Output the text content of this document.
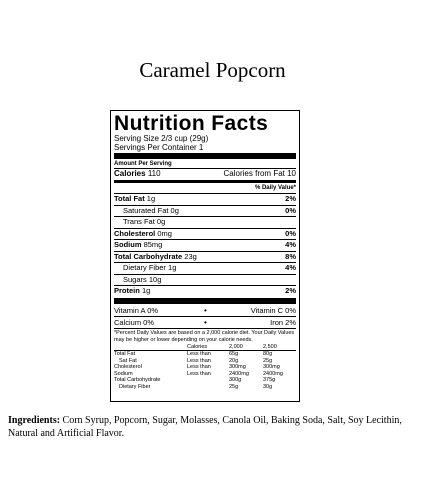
Caramel Popcorn
Nutrition Facts
Serving Size 2/3 cup (29g)
Servings Per Container 1
Amount Per Serving
Calories 110	Calories from Fat 10
% Daily Value*
Total Fat 1g	2%
Saturated Fat 0g	0%
Trans Fat 0g
Cholesterol 0mg	0%
Sodium 85mg	4%
Total Carbohydrate 23g	8%
Dietary Fiber 1g	4%
Sugars 10g
Protein 1g	2%
Vitamin A 0%	•	Vitamin C 0%
Calcium 0%	•	Iron 2%
*Percent Daily Values are based on a 2,000 calorie diet. Your Daily Values may be higher or lower depending on your calorie needs.
	Calories	2,000	2,500
Total Fat	Less than	65g	80g
Sat Fat	Less than	20g	25g
Cholesterol	Less than	300mg	300mg
Sodium	Less than	2400mg	2400mg
Total Carbohydrate		300g	375g
Dietary Fiber		25g	30g
Ingredients: Corn Syrup, Popcorn, Sugar, Molasses, Canola Oil, Baking Soda, Salt, Soy Lecithin, Natural and Artificial Flavor.
